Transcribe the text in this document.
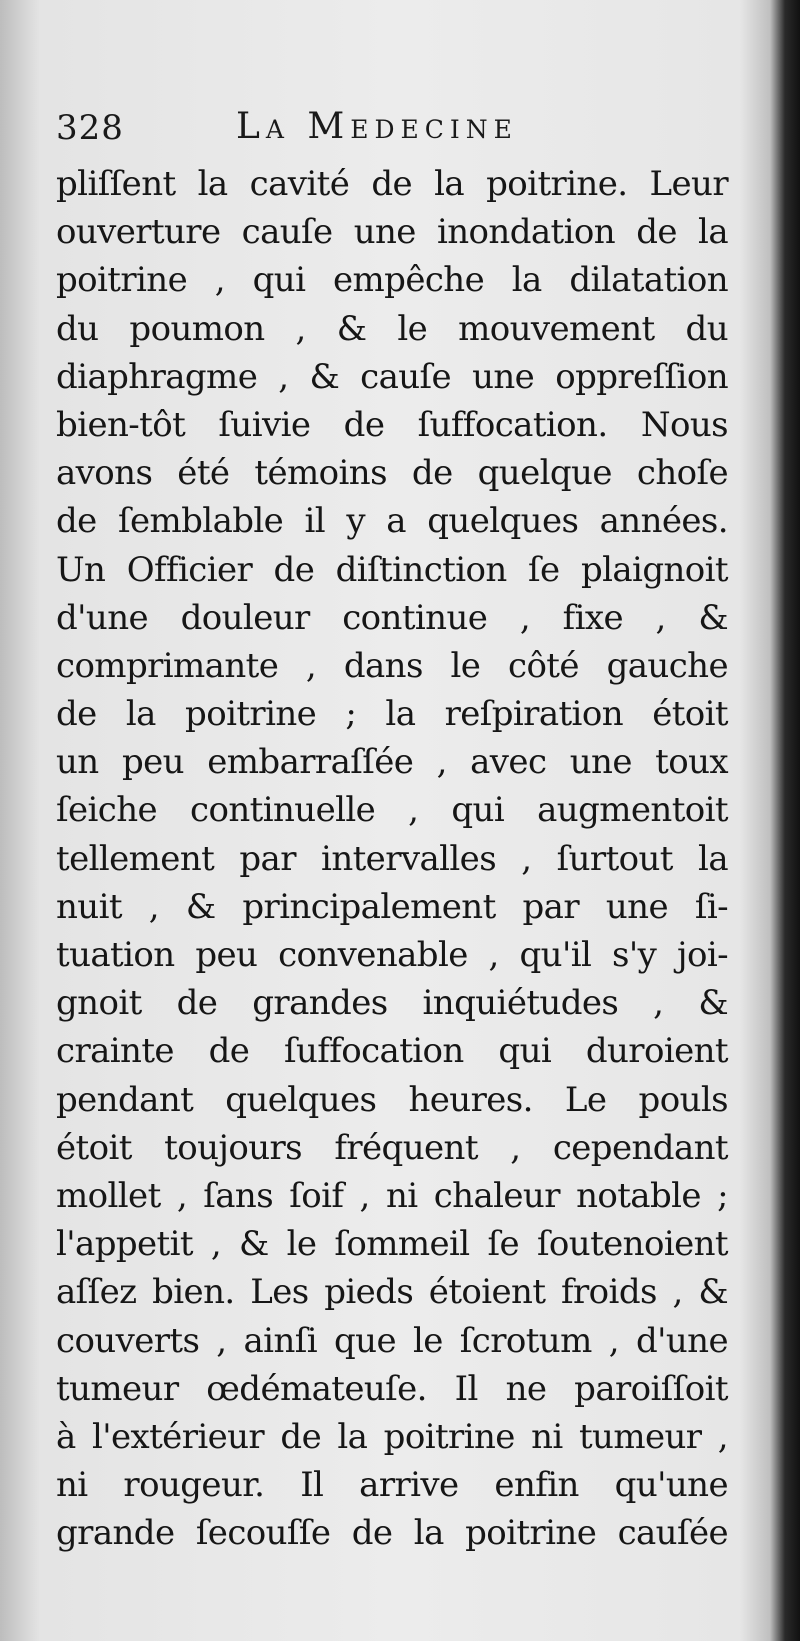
328	La Medecine
pliſſent la cavité de la poitrine. Leur
ouverture cauſe une inondation de la
poitrine , qui empêche la dilatation
du poumon , & le mouvement du
diaphragme , & cauſe une oppreſſion
bien-tôt ſuivie de ſuffocation. Nous
avons été témoins de quelque choſe
de ſemblable il y a quelques années.
Un Officier de diſtinction ſe plaignoit
d'une douleur continue , fixe , &
comprimante , dans le côté gauche
de la poitrine ; la reſpiration étoit
un peu embarraſſée , avec une toux
ſeiche continuelle , qui augmentoit
tellement par intervalles , ſurtout la
nuit , & principalement par une ſi-
tuation peu convenable , qu'il s'y joi-
gnoit de grandes inquiétudes , &
crainte de ſuffocation qui duroient
pendant quelques heures. Le pouls
étoit toujours fréquent , cependant
mollet , ſans ſoif , ni chaleur notable ;
l'appetit , & le ſommeil ſe ſoutenoient
aſſez bien. Les pieds étoient froids , &
couverts , ainſi que le ſcrotum , d'une
tumeur œdémateuſe. Il ne paroiſſoit
à l'extérieur de la poitrine ni tumeur ,
ni rougeur. Il arrive enfin qu'une
grande ſecouſſe de la poitrine cauſée
